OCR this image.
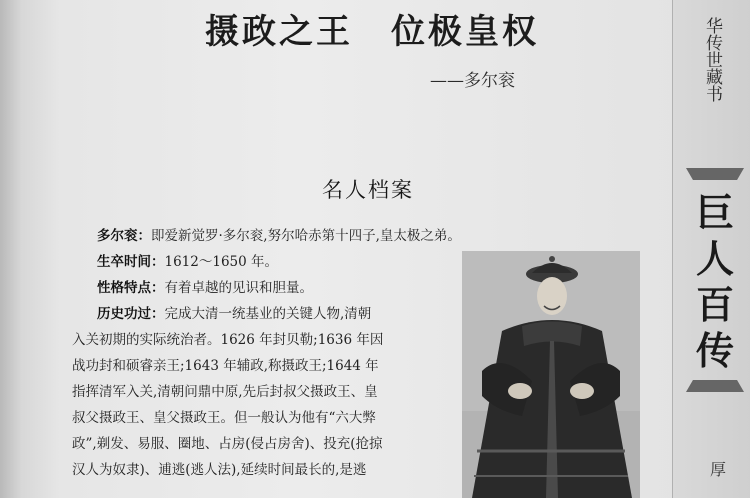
摄政之王 位极皇权
——多尔衮
名人档案
多尔衮：即爱新觉罗·多尔衮,努尔哈赤第十四子,皇太极之弟。
生卒时间：1612～1650 年。
性格特点：有着卓越的见识和胆量。
历史功过：完成大清一统基业的关键人物,清朝
入关初期的实际统治者。1626 年封贝勒;1636 年因
战功封和硕睿亲王;1643 年辅政,称摄政王;1644 年
指挥清军入关,清朝问鼎中原,先后封叔父摄政王、皇
叔父摄政王、皇父摄政王。但一般认为他有“六大弊
政”,剃发、易服、圈地、占房(侵占房舍)、投充(抢掠
汉人为奴隶)、逋逃(逃人法),延续时间最长的,是逃
华传世藏书
巨
人
百
传
厚
